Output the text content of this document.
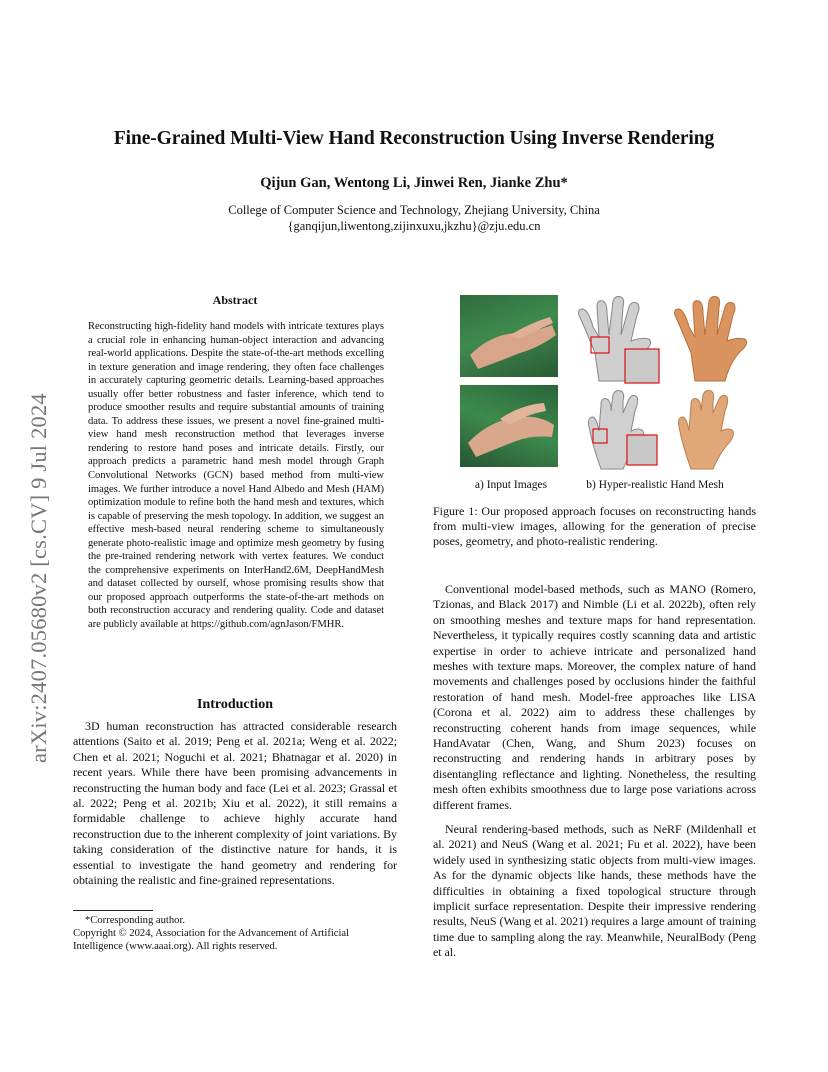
arXiv:2407.05680v2 [cs.CV] 9 Jul 2024
Fine-Grained Multi-View Hand Reconstruction Using Inverse Rendering
Qijun Gan, Wentong Li, Jinwei Ren, Jianke Zhu*
College of Computer Science and Technology, Zhejiang University, China
{ganqijun,liwentong,zijinxuxu,jkzhu}@zju.edu.cn
Abstract
Reconstructing high-fidelity hand models with intricate textures plays a crucial role in enhancing human-object interaction and advancing real-world applications. Despite the state-of-the-art methods excelling in texture generation and image rendering, they often face challenges in accurately capturing geometric details. Learning-based approaches usually offer better robustness and faster inference, which tend to produce smoother results and require substantial amounts of training data. To address these issues, we present a novel fine-grained multi-view hand mesh reconstruction method that leverages inverse rendering to restore hand poses and intricate details. Firstly, our approach predicts a parametric hand mesh model through Graph Convolutional Networks (GCN) based method from multi-view images. We further introduce a novel Hand Albedo and Mesh (HAM) optimization module to refine both the hand mesh and textures, which is capable of preserving the mesh topology. In addition, we suggest an effective mesh-based neural rendering scheme to simultaneously generate photo-realistic image and optimize mesh geometry by fusing the pre-trained rendering network with vertex features. We conduct the comprehensive experiments on InterHand2.6M, DeepHandMesh and dataset collected by ourself, whose promising results show that our proposed approach outperforms the state-of-the-art methods on both reconstruction accuracy and rendering quality. Code and dataset are publicly available at https://github.com/agnJason/FMHR.
Introduction
3D human reconstruction has attracted considerable research attentions (Saito et al. 2019; Peng et al. 2021a; Weng et al. 2022; Chen et al. 2021; Noguchi et al. 2021; Bhatnagar et al. 2020) in recent years. While there have been promising advancements in reconstructing the human body and face (Lei et al. 2023; Grassal et al. 2022; Peng et al. 2021b; Xiu et al. 2022), it still remains a formidable challenge to achieve highly accurate hand reconstruction due to the inherent complexity of joint variations. By taking consideration of the distinctive nature for hands, it is essential to investigate the hand geometry and rendering for obtaining the realistic and fine-grained representations.
*Corresponding author.
Copyright © 2024, Association for the Advancement of Artificial Intelligence (www.aaai.org). All rights reserved.
a) Input Images	b) Hyper-realistic Hand Mesh
Figure 1: Our proposed approach focuses on reconstructing hands from multi-view images, allowing for the generation of precise poses, geometry, and photo-realistic rendering.
Conventional model-based methods, such as MANO (Romero, Tzionas, and Black 2017) and Nimble (Li et al. 2022b), often rely on smoothing meshes and texture maps for hand representation. Nevertheless, it typically requires costly scanning data and artistic expertise in order to achieve intricate and personalized hand meshes with texture maps. Moreover, the complex nature of hand movements and challenges posed by occlusions hinder the faithful restoration of hand mesh. Model-free approaches like LISA (Corona et al. 2022) aim to address these challenges by reconstructing coherent hands from image sequences, while HandAvatar (Chen, Wang, and Shum 2023) focuses on reconstructing and rendering hands in arbitrary poses by disentangling reflectance and lighting. Nonetheless, the resulting mesh often exhibits smoothness due to large pose variations across different frames.
Neural rendering-based methods, such as NeRF (Mildenhall et al. 2021) and NeuS (Wang et al. 2021; Fu et al. 2022), have been widely used in synthesizing static objects from multi-view images. As for the dynamic objects like hands, these methods have the difficulties in obtaining a fixed topological structure through implicit surface representation. Despite their impressive rendering results, NeuS (Wang et al. 2021) requires a large amount of training time due to sampling along the ray. Meanwhile, NeuralBody (Peng et al.
